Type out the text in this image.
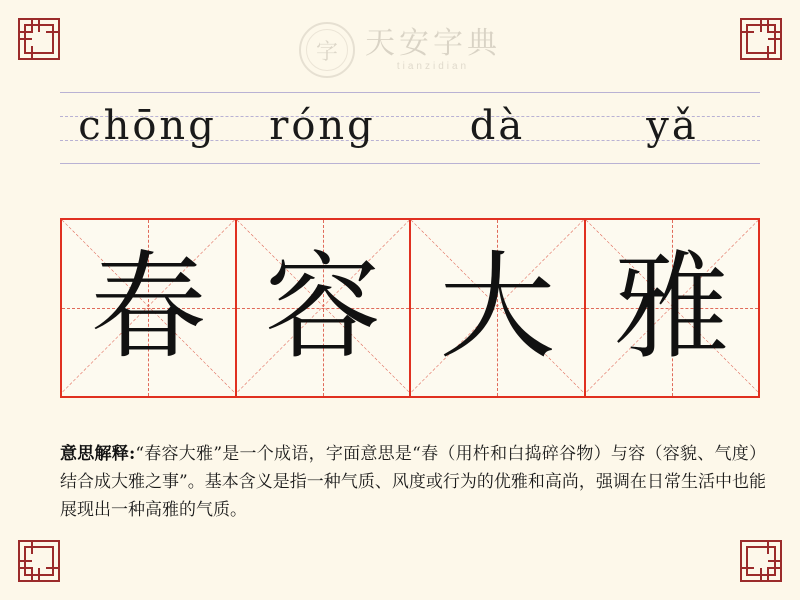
字 天安字典
tianzidian
chōng	róng	dà	yǎ
春 容 大 雅
意思解释:“春容大雅”是一个成语，字面意思是“春（用杵和白捣碎谷物）与容（容貌、气度）结合成大雅之事”。基本含义是指一种气质、风度或行为的优雅和高尚，强调在日常生活中也能展现出一种高雅的气质。
